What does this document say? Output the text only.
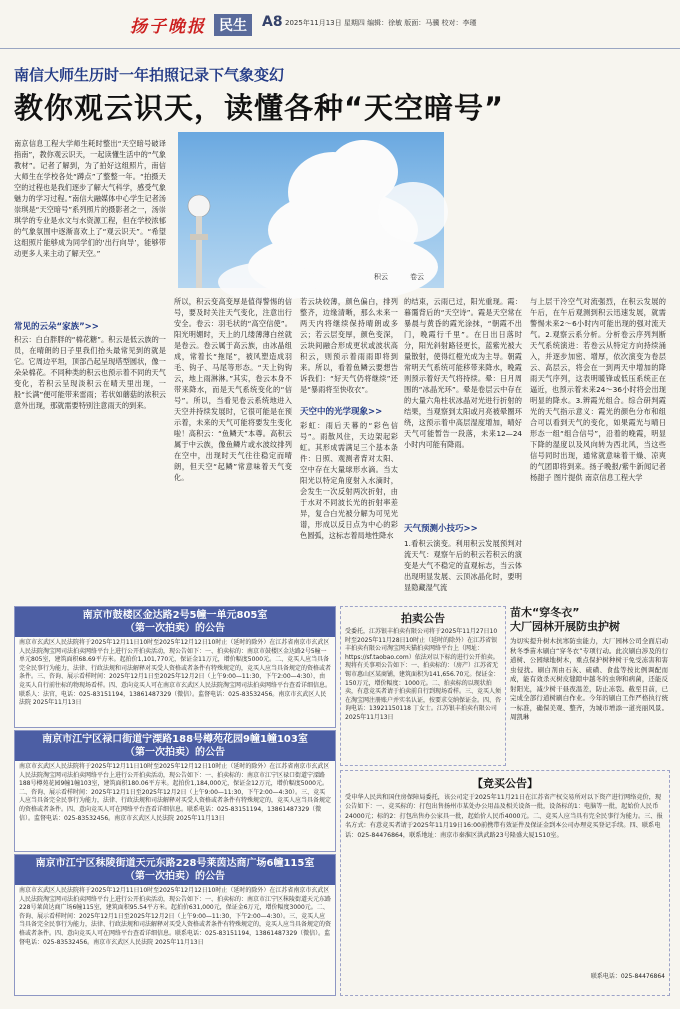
扬子晚报 民生	A8 2025年11月13日 星期四 编辑：徐敏 版面：马骥 校对：李瑾
南信大师生历时一年拍照记录下气象变幻
教你观云识天，读懂各种“天空暗号”
南京信息工程大学师生耗时整出“天空暗号破译指南”，教你观云识天，一起读懂生活中的“气象教材”。记者了解到，为了拍好这组照片，南信大师生在学校各处“蹲点”了整整一年。“拍摄天空的过程也是我们逐步了解大气科学，感受气象魅力的学习过程。”南信大融媒体中心学生记者汤崇琪是“天空暗号”系列照片的摄影者之一，汤崇琪学的专业是水文与水资源工程，但在学校浓郁的气象氛围中逐渐喜欢上了“观云识天”。“希望这组照片能够成为同学们的‘出行向导’，能够带动更多人来主动了解天空。”
积云	卷云
常见的云朵“家族”>>
积云：白白胖胖的“棉花糖”。积云是低云族的一员，在晴朗的日子里我们抬头最常见到的就是它。它周边平坦，顶部凸起呈现塔型圆状，像一朵朵棉花。不同种类的积云也预示着不同的天气变化，若积云呈现淡积云在晴天里出现，一般“长满”便可能带来雷雨；若状如蘑菇的浓积云意外出现，那就需要特别注意雨天的到来。
所以，积云变高变厚是值得警惕的信号，要及时关注天气变化，注意出行安全。卷云：羽毛状的“高空信使”。阳光明媚时，天上的几缕薄薄白丝就是卷云。卷云属于高云族，由冰晶组成，常着长“拖尾”，被风塑造成羽毛、钩子、马尾等形态。“天上钩钩云，地上雨淋淋。”其实，卷云本身不带来降水，而是天气系统变化的“信号”。所以，当看见卷云系统地进入天空并持续发展时，它很可能是在预示着，未来的天气可能将要发生变化啦！高积云：“鱼鳞天”本尊。高积云属于中云族，像鱼鳞片或水波纹排列在空中，出现时天气往往稳定而晴朗，但天空“起鳞”常意味着天气变化。
若云块较薄，颜色偏白，排列整齐，边缘清晰，那么未来一两天内将继续保持晴朗或多云；若云层变厚，颜色变深，云块间融合形成更状或波状高积云，则预示着雨雨即将到来。所以，看着鱼鳞云要想告诉我们：“好天气仍将继续”还是“暴雨将至快收衣”。
天空中的光学现象>>
彩虹：雨后天幕的“彩色信号”。雨散风住，天边架起彩虹。其形成需满足三个基本条件：日照、观测者背对太阳、空中存在大量球形水滴。当太阳光以特定角度射入水滴时，会发生一次反射两次折射，由于水对不同波长光的折射率差异，复合白光被分解为可见光谱，形成以反日点为中心的彩色圆弧，这标志着局地性降水
的结束，云雨已过，阳光重现。霞：暮霭背后的“天空诗”。霞是天空常在暴晨与黄昏的霞光涂抹，“朝霞不出门，晚霞行千里”。在日出日落时分，阳光斜射路径更长，蓝紫光被大量散射，使得红橙光成为主导。朝霞常明天气系统可能移带来降水，晚霞则预示着好天气将持续。晕：日月周围的“冰晶光环”。晕是卷层云中存在的大量六角柱状冰晶对光进行折射的结果，当观察到太阳或月亮被晕圈环绕，这预示着中高层湿度增加，晴好天气可能暂告一段落，未来12—24小时内可能有降雨。
天气预测小技巧>>
1.看积云演变。利用积云发展预判对流天气：观察午后的积云若积云的演变是大气不稳定的直观标志，当云体出现明显发展、云顶冰晶化时，要明显隐藏湿气流
与上层干冷空气对流强烈，在积云发展的午后，在午后观测到积云迅速发展，就需警惕未来2～6小时内可能出现的强对流天气。2.观察云系分析。分析卷云序列判断天气系统演进：若卷云从特定方向持续涌入，并逐步加密、增厚，依次演变为卷层云、高层云，将会在一到两天中增加的降雨天气序列，这表明暖锋或低压系统正在逼近，也预示着未来24～36小时将会出现明显的降水。3.辨霞光组合。综合研判霞光的天气指示意义：霞光的颜色分布和组合可以看到天气的变化，如果霞光与晴日形态一组“组合信号”，沿着的晚霞，明显下降的湿度以及风向转为西北风，当这些信号同时出现，通常就意味着干燥、凉爽的气团即将到来。扬子晚报/紫牛新闻记者 杨甜子 图片提供 南京信息工程大学
南京市鼓楼区金达路2号5幢一单元805室
（第一次拍卖）的公告
南京市玄武区人民法院将于2025年12月11日10时至2025年12月12日10时止（延时的除外）在江苏省南京市玄武区人民法院淘宝网司法拍卖网络平台上进行公开拍卖活动，现公告如下：一、拍卖标的：南京市鼓楼区金达路2号5幢一单元805室，建筑面积68.69平方米。起拍价1,101,770元，保证金11万元，增价幅度5000元。二、竞买人应当具备完全民事行为能力，法律、行政法规和司法解释对买受人资格或者条件有特殊规定的，竞买人应当具备规定的资格或者条件。三、咨询、展示看样时间：2025年12月1日至2025年12月2日（上午9:00—11:30，下午2:00—4:30），由竞买人自行前往标的物现场看样。四、意向竞买人可在南京市玄武区人民法院淘宝网司法拍卖网络平台查看详细信息。联系人：法官，电话：025-83151194，13861487329（微信）。监督电话：025-83532456。南京市玄武区人民法院 2025年11月13日
南京市江宁区禄口街道宁溧路188号樽苑花园9幢1幢103室
（第一次拍卖）的公告
南京市玄武区人民法院将于2025年12月11日10时至2025年12月12日10时止（延时的除外）在江苏省南京市玄武区人民法院淘宝网司法拍卖网络平台上进行公开拍卖活动，现公告如下：一、拍卖标的：南京市江宁区禄口街道宁溧路188号樽苑花园9幢1幢103室，建筑面积180.06平方米。起拍价1,184,000元，保证金12万元，增价幅度5000元。二、咨询、展示看样时间：2025年12月1日至2025年12月2日（上午9:00—11:30，下午2:00—4:30）。三、竞买人应当具备完全民事行为能力，法律、行政法规和司法解释对买受人资格或者条件有特殊规定的，竞买人应当具备规定的资格或者条件。四、意向竞买人可在网络平台查看详细信息。联系电话：025-83151194，13861487329（微信）。监督电话：025-83532456。南京市玄武区人民法院 2025年11月13日
南京市江宁区秣陵街道天元东路228号莱茵达商广场6幢115室
（第一次拍卖）的公告
南京市玄武区人民法院将于2025年12月11日10时至2025年12月12日10时止（延时的除外）在江苏省南京市玄武区人民法院淘宝网司法拍卖网络平台上进行公开拍卖活动，现公告如下：一、拍卖标的：南京市江宁区秣陵街道天元东路228号莱茵达商广场6幢115室，建筑面积95.54平方米。起拍价631,000元，保证金6万元，增价幅度3000元。二、咨询、展示看样时间：2025年12月1日至2025年12月2日（上午9:00—11:30，下午2:00—4:30）。三、竞买人应当具备完全民事行为能力，法律、行政法规和司法解释对买受人资格或者条件有特殊规定的，竞买人应当具备规定的资格或者条件。四、意向竞买人可在网络平台查看详细信息。联系电话：025-83151194，13861487329（微信）。监督电话：025-83532456。南京市玄武区人民法院 2025年11月13日
拍卖公告
受委托，江苏银丰拍卖有限公司将于2025年11月27日10时至2025年11月28日10时止（延时的除外）在江苏省银丰拍卖有限公司淘宝网天猫拍卖网络平台上（网址：https://sf.taobao.com）依法对以下标的进行公开拍卖。现将有关事项公告如下：一、拍卖标的：（房产）江苏省无锡市惠山区某商铺，建筑面积为141,656.70元。保证金：150万元，增价幅度：1000元。二、拍卖标的以现状拍卖，有意竞买者请于拍卖前自行到现场看样。三、竞买人须在淘宝网注册账户并实名认证，按要求交纳保证金。四、咨询电话：13921150118 丁女士。江苏银丰拍卖有限公司 2025年11月13日
苗木“穿冬衣”
大厂园林开展防虫护树
为切实提升树木抗寒防虫能力，大厂园林公司全面启动秋冬季苗木刷白“穿冬衣”专项行动。此次刷白涉及的行道树、公园绿地树木，重点保护树种树干免受冻害和害虫侵扰。刷白剂由石灰、硫磺、食盐等按比例调配而成，能有效杀灭树皮缝隙中越冬的虫卵和病菌，还能反射阳光，减少树干昼夜温差，防止冻裂。截至目前，已完成全部行道树刷白作业。今年的刷白工作严格执行统一标准，确保美观、整齐，为城市增添一道亮丽风景。 周凯琳
【竞买公告】
受申华人民共和国住房保障局委托，该公司定于2025年11月21日在江苏省产权交易所对以下资产进行网络竞价，现公告如下：一、竞买标的：打包出售扬州市某处办公用品及相关设备一批，设备标的1：电脑等一批，起始价人民币24000元；标的2：打包出售办公家具一批，起始价人民币4000元。二、竞买人应当具有完全民事行为能力。三、报名方式：有意竞买者请于2025年11月19日16:00前携带有效证件及保证金到本公司办理竞买登记手续。四、联系电话：025-84476864，联系地址：南京市秦淮区洪武路23号隆盛大厦1510室。
联系电话：025-84476864
